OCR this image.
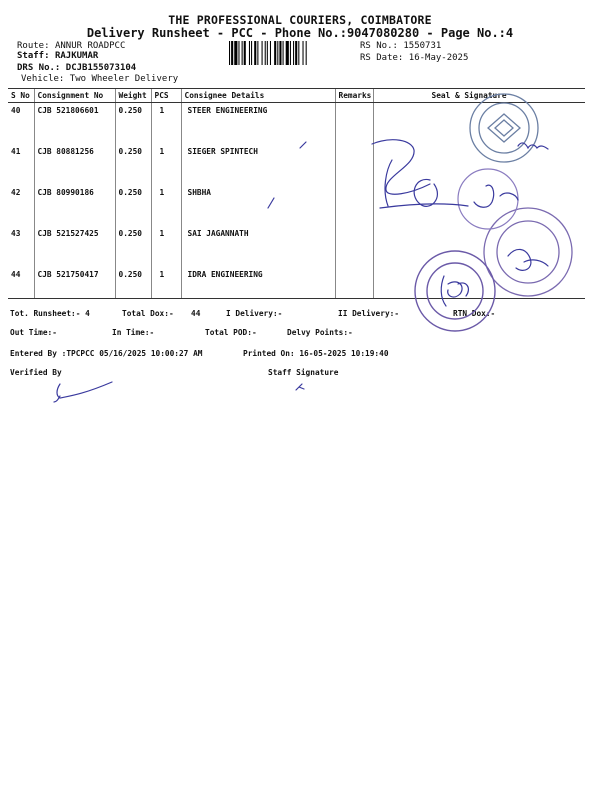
THE PROFESSIONAL COURIERS, COIMBATORE
Delivery Runsheet - PCC - Phone No.:9047080280 - Page No.:4
Route: ANNUR ROADPCC
Staff: RAJKUMAR
DRS No.: DCJB155073104
Vehicle: Two Wheeler Delivery
RS No.: 1550731
RS Date: 16-May-2025
S No	Consignment No	Weight	PCS	Consignee Details	Remarks	Seal & Signature
40	CJB 521806601	0.250	1	STEER ENGINEERING		
41	CJB 80881256	0.250	1	SIEGER SPINTECH		
42	CJB 80990186	0.250	1	SHBHA		
43	CJB 521527425	0.250	1	SAI JAGANNATH		
44	CJB 521750417	0.250	1	IDRA ENGINEERING		
Tot. Runsheet:- 4	Total Dox:- 44	I Delivery:-	II Delivery:-	RTN Dox:-
Out Time:-	In Time:-	Total POD:-	Delvy Points:-
Entered By :TPCPCC 05/16/2025 10:00:27 AM	Printed On: 16-05-2025 10:19:40
Verified By	Staff Signature
